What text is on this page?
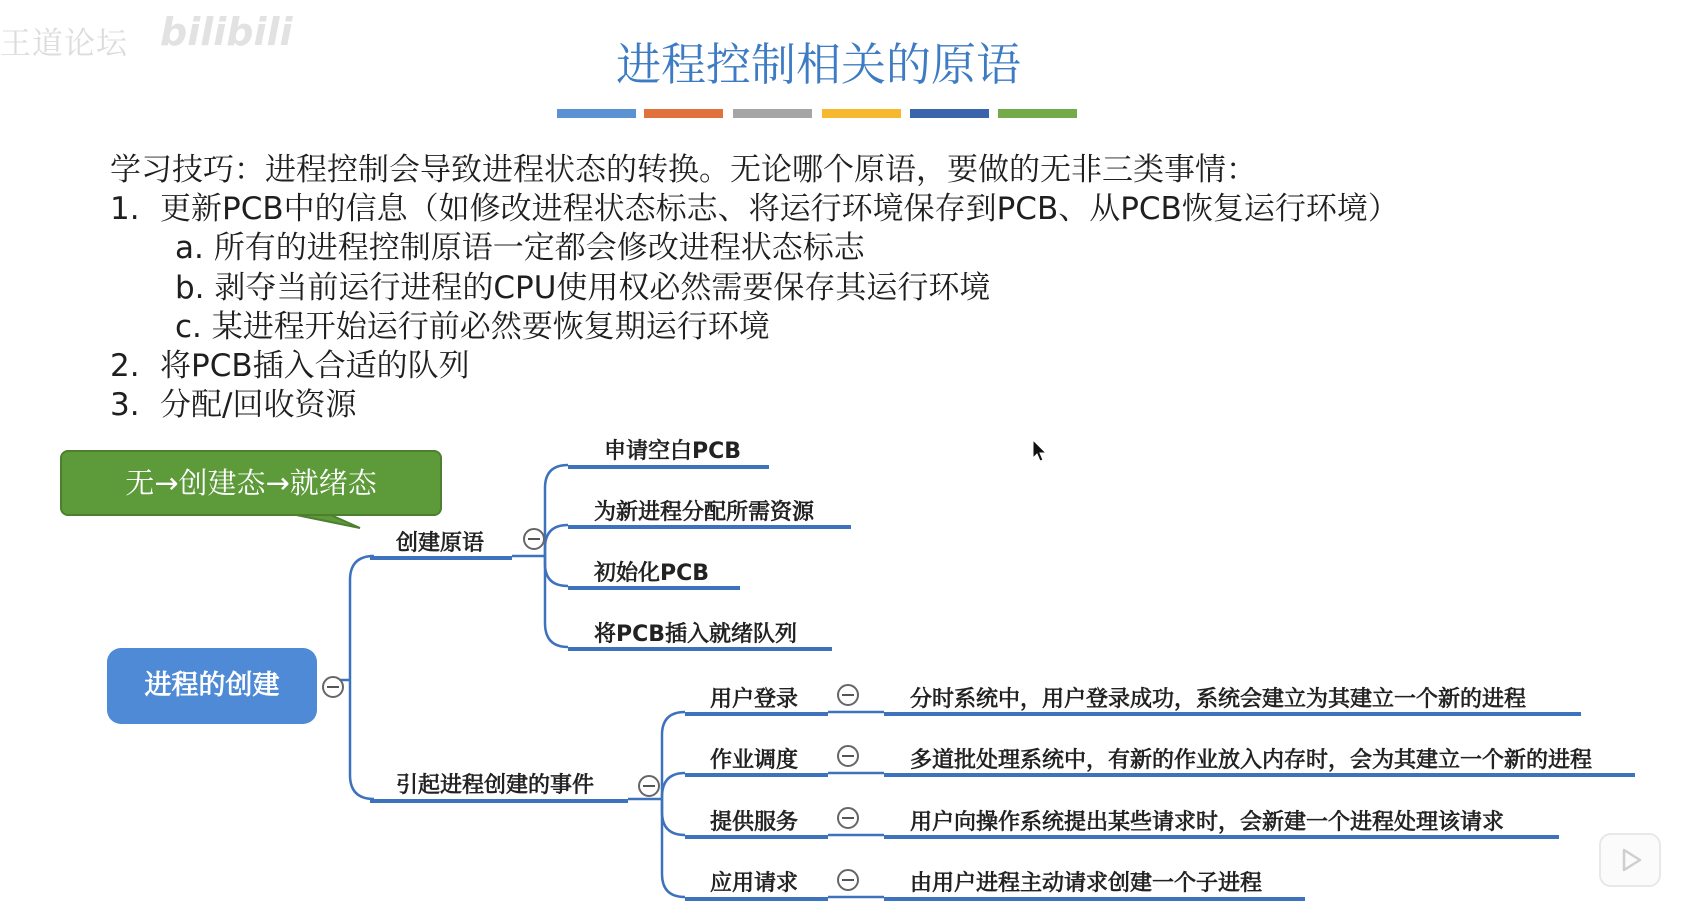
王道论坛 bilibili
进程控制相关的原语
学习技巧：进程控制会导致进程状态的转换。无论哪个原语，要做的无非三类事情：
1. 更新PCB中的信息（如修改进程状态标志、将运行环境保存到PCB、从PCB恢复运行环境）
a. 所有的进程控制原语一定都会修改进程状态标志
b. 剥夺当前运行进程的CPU使用权必然需要保存其运行环境
c. 某进程开始运行前必然要恢复期运行环境
2. 将PCB插入合适的队列
3. 分配/回收资源
无→创建态→就绪态
进程的创建
创建原语
申请空白PCB
为新进程分配所需资源
初始化PCB
将PCB插入就绪队列
引起进程创建的事件
用户登录	分时系统中，用户登录成功，系统会建立为其建立一个新的进程
作业调度	多道批处理系统中，有新的作业放入内存时，会为其建立一个新的进程
提供服务	用户向操作系统提出某些请求时，会新建一个进程处理该请求
应用请求	由用户进程主动请求创建一个子进程
